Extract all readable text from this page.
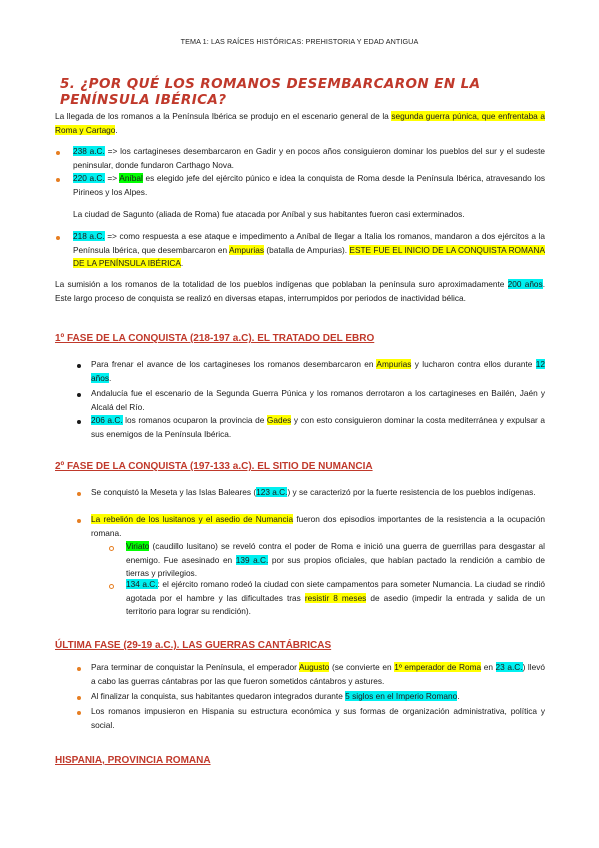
TEMA 1: LAS RAÍCES HISTÓRICAS: PREHISTORIA Y EDAD ANTIGUA
5. ¿POR QUÉ LOS ROMANOS DESEMBARCARON EN LA PENÍNSULA IBÉRICA?
La llegada de los romanos a la Península Ibérica se produjo en el escenario general de la segunda guerra púnica, que enfrentaba a Roma y Cartago.
238 a.C. => los cartagineses desembarcaron en Gadir y en pocos años consiguieron dominar los pueblos del sur y el sudeste peninsular, donde fundaron Carthago Nova.
220 a.C. => Aníbal es elegido jefe del ejército púnico e idea la conquista de Roma desde la Península Ibérica, atravesando los Pirineos y los Alpes.
La ciudad de Sagunto (aliada de Roma) fue atacada por Aníbal y sus habitantes fueron casi exterminados.
218 a.C. => como respuesta a ese ataque e impedimento a Aníbal de llegar a Italia los romanos, mandaron a dos ejércitos a la Península Ibérica, que desembarcaron en Ampurias (batalla de Ampurias). ESTE FUE EL INICIO DE LA CONQUISTA ROMANA DE LA PENÍNSULA IBÉRICA.
La sumisión a los romanos de la totalidad de los pueblos indígenas que poblaban la península suro aproximadamente 200 años. Este largo proceso de conquista se realizó en diversas etapas, interrumpidos por periodos de inactividad bélica.
1º FASE DE LA CONQUISTA (218-197 a.C). EL TRATADO DEL EBRO
Para frenar el avance de los cartagineses los romanos desembarcaron en Ampurias y lucharon contra ellos durante 12 años.
Andalucía fue el escenario de la Segunda Guerra Púnica y los romanos derrotaron a los cartagineses en Bailén, Jaén y Alcalá del Río.
206 a.C. los romanos ocuparon la provincia de Gades y con esto consiguieron dominar la costa mediterránea y expulsar a sus enemigos de la Península Ibérica.
2º FASE DE LA CONQUISTA (197-133 a.C). EL SITIO DE NUMANCIA
Se conquistó la Meseta y las Islas Baleares (123 a.C.) y se caracterizó por la fuerte resistencia de los pueblos indígenas.
La rebelión de los lusitanos y el asedio de Numancia fueron dos episodios importantes de la resistencia a la ocupación romana.
Viriato (caudillo lusitano) se reveló contra el poder de Roma e inició una guerra de guerrillas para desgastar al enemigo. Fue asesinado en 139 a.C. por sus propios oficiales, que habían pactado la rendición a cambio de tierras y privilegios.
134 a.C.: el ejército romano rodeó la ciudad con siete campamentos para someter Numancia. La ciudad se rindió agotada por el hambre y las dificultades tras resistir 8 meses de asedio (impedir la entrada y salida de un territorio para lograr su rendición).
ÚLTIMA FASE (29-19 a.C.). LAS GUERRAS CANTÁBRICAS
Para terminar de conquistar la Península, el emperador Augusto (se convierte en 1º emperador de Roma en 23 a.C.) llevó a cabo las guerras cántabras por las que fueron sometidos cántabros y astures.
Al finalizar la conquista, sus habitantes quedaron integrados durante 5 siglos en el Imperio Romano.
Los romanos impusieron en Hispania su estructura económica y sus formas de organización administrativa, política y social.
HISPANIA, PROVINCIA ROMANA
